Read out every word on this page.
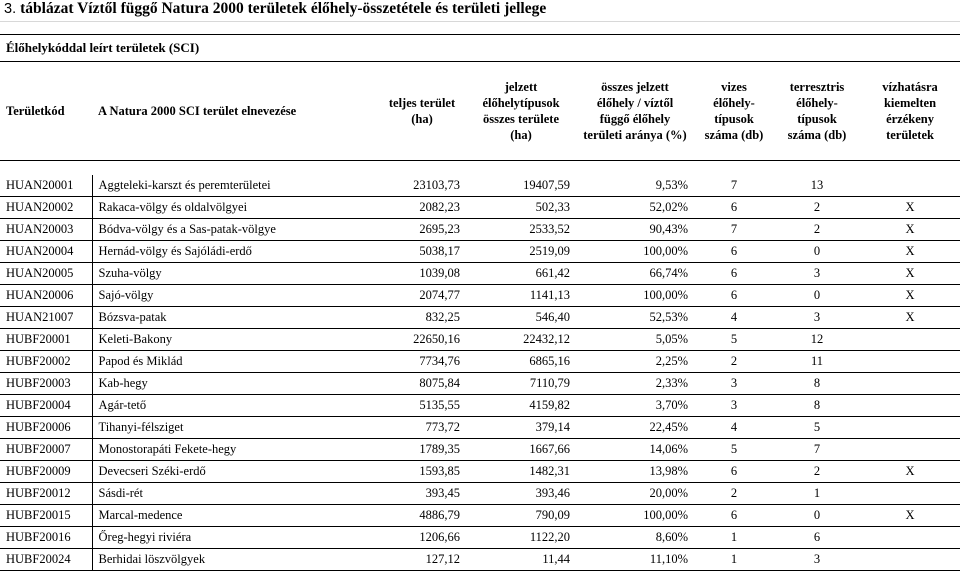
3. táblázat Víztől függő Natura 2000 területek élőhely-összetétele és területi jellege
Élőhelykóddal leírt területek (SCI)							
Területkód	A Natura 2000 SCI terület elnevezése	teljes terület (ha)	jelzett élőhelytípusok összes területe (ha)	összes jelzett élőhely / víztől függő élőhely területi aránya (%)	vizes élőhely-típusok száma (db)	terresztris élőhely-típusok száma (db)	vízhatásra kiemelten érzékeny területek

HUAN20001	Aggteleki-karszt és peremterületei	23103,73	19407,59	9,53%	7	13	
HUAN20002	Rakaca-völgy és oldalvölgyei	2082,23	502,33	52,02%	6	2	X
HUAN20003	Bódva-völgy és a Sas-patak-völgye	2695,23	2533,52	90,43%	7	2	X
HUAN20004	Hernád-völgy és Sajóládi-erdő	5038,17	2519,09	100,00%	6	0	X
HUAN20005	Szuha-völgy	1039,08	661,42	66,74%	6	3	X
HUAN20006	Sajó-völgy	2074,77	1141,13	100,00%	6	0	X
HUAN21007	Bózsva-patak	832,25	546,40	52,53%	4	3	X
HUBF20001	Keleti-Bakony	22650,16	22432,12	5,05%	5	12	
HUBF20002	Papod és Miklád	7734,76	6865,16	2,25%	2	11	
HUBF20003	Kab-hegy	8075,84	7110,79	2,33%	3	8	
HUBF20004	Agár-tető	5135,55	4159,82	3,70%	3	8	
HUBF20006	Tihanyi-félsziget	773,72	379,14	22,45%	4	5	
HUBF20007	Monostorapáti Fekete-hegy	1789,35	1667,66	14,06%	5	7	
HUBF20009	Devecseri Széki-erdő	1593,85	1482,31	13,98%	6	2	X
HUBF20012	Sásdi-rét	393,45	393,46	20,00%	2	1	
HUBF20015	Marcal-medence	4886,79	790,09	100,00%	6	0	X
HUBF20016	Őreg-hegyi riviéra	1206,66	1122,20	8,60%	1	6	
HUBF20024	Berhidai löszvölgyek	127,12	11,44	11,10%	1	3	
